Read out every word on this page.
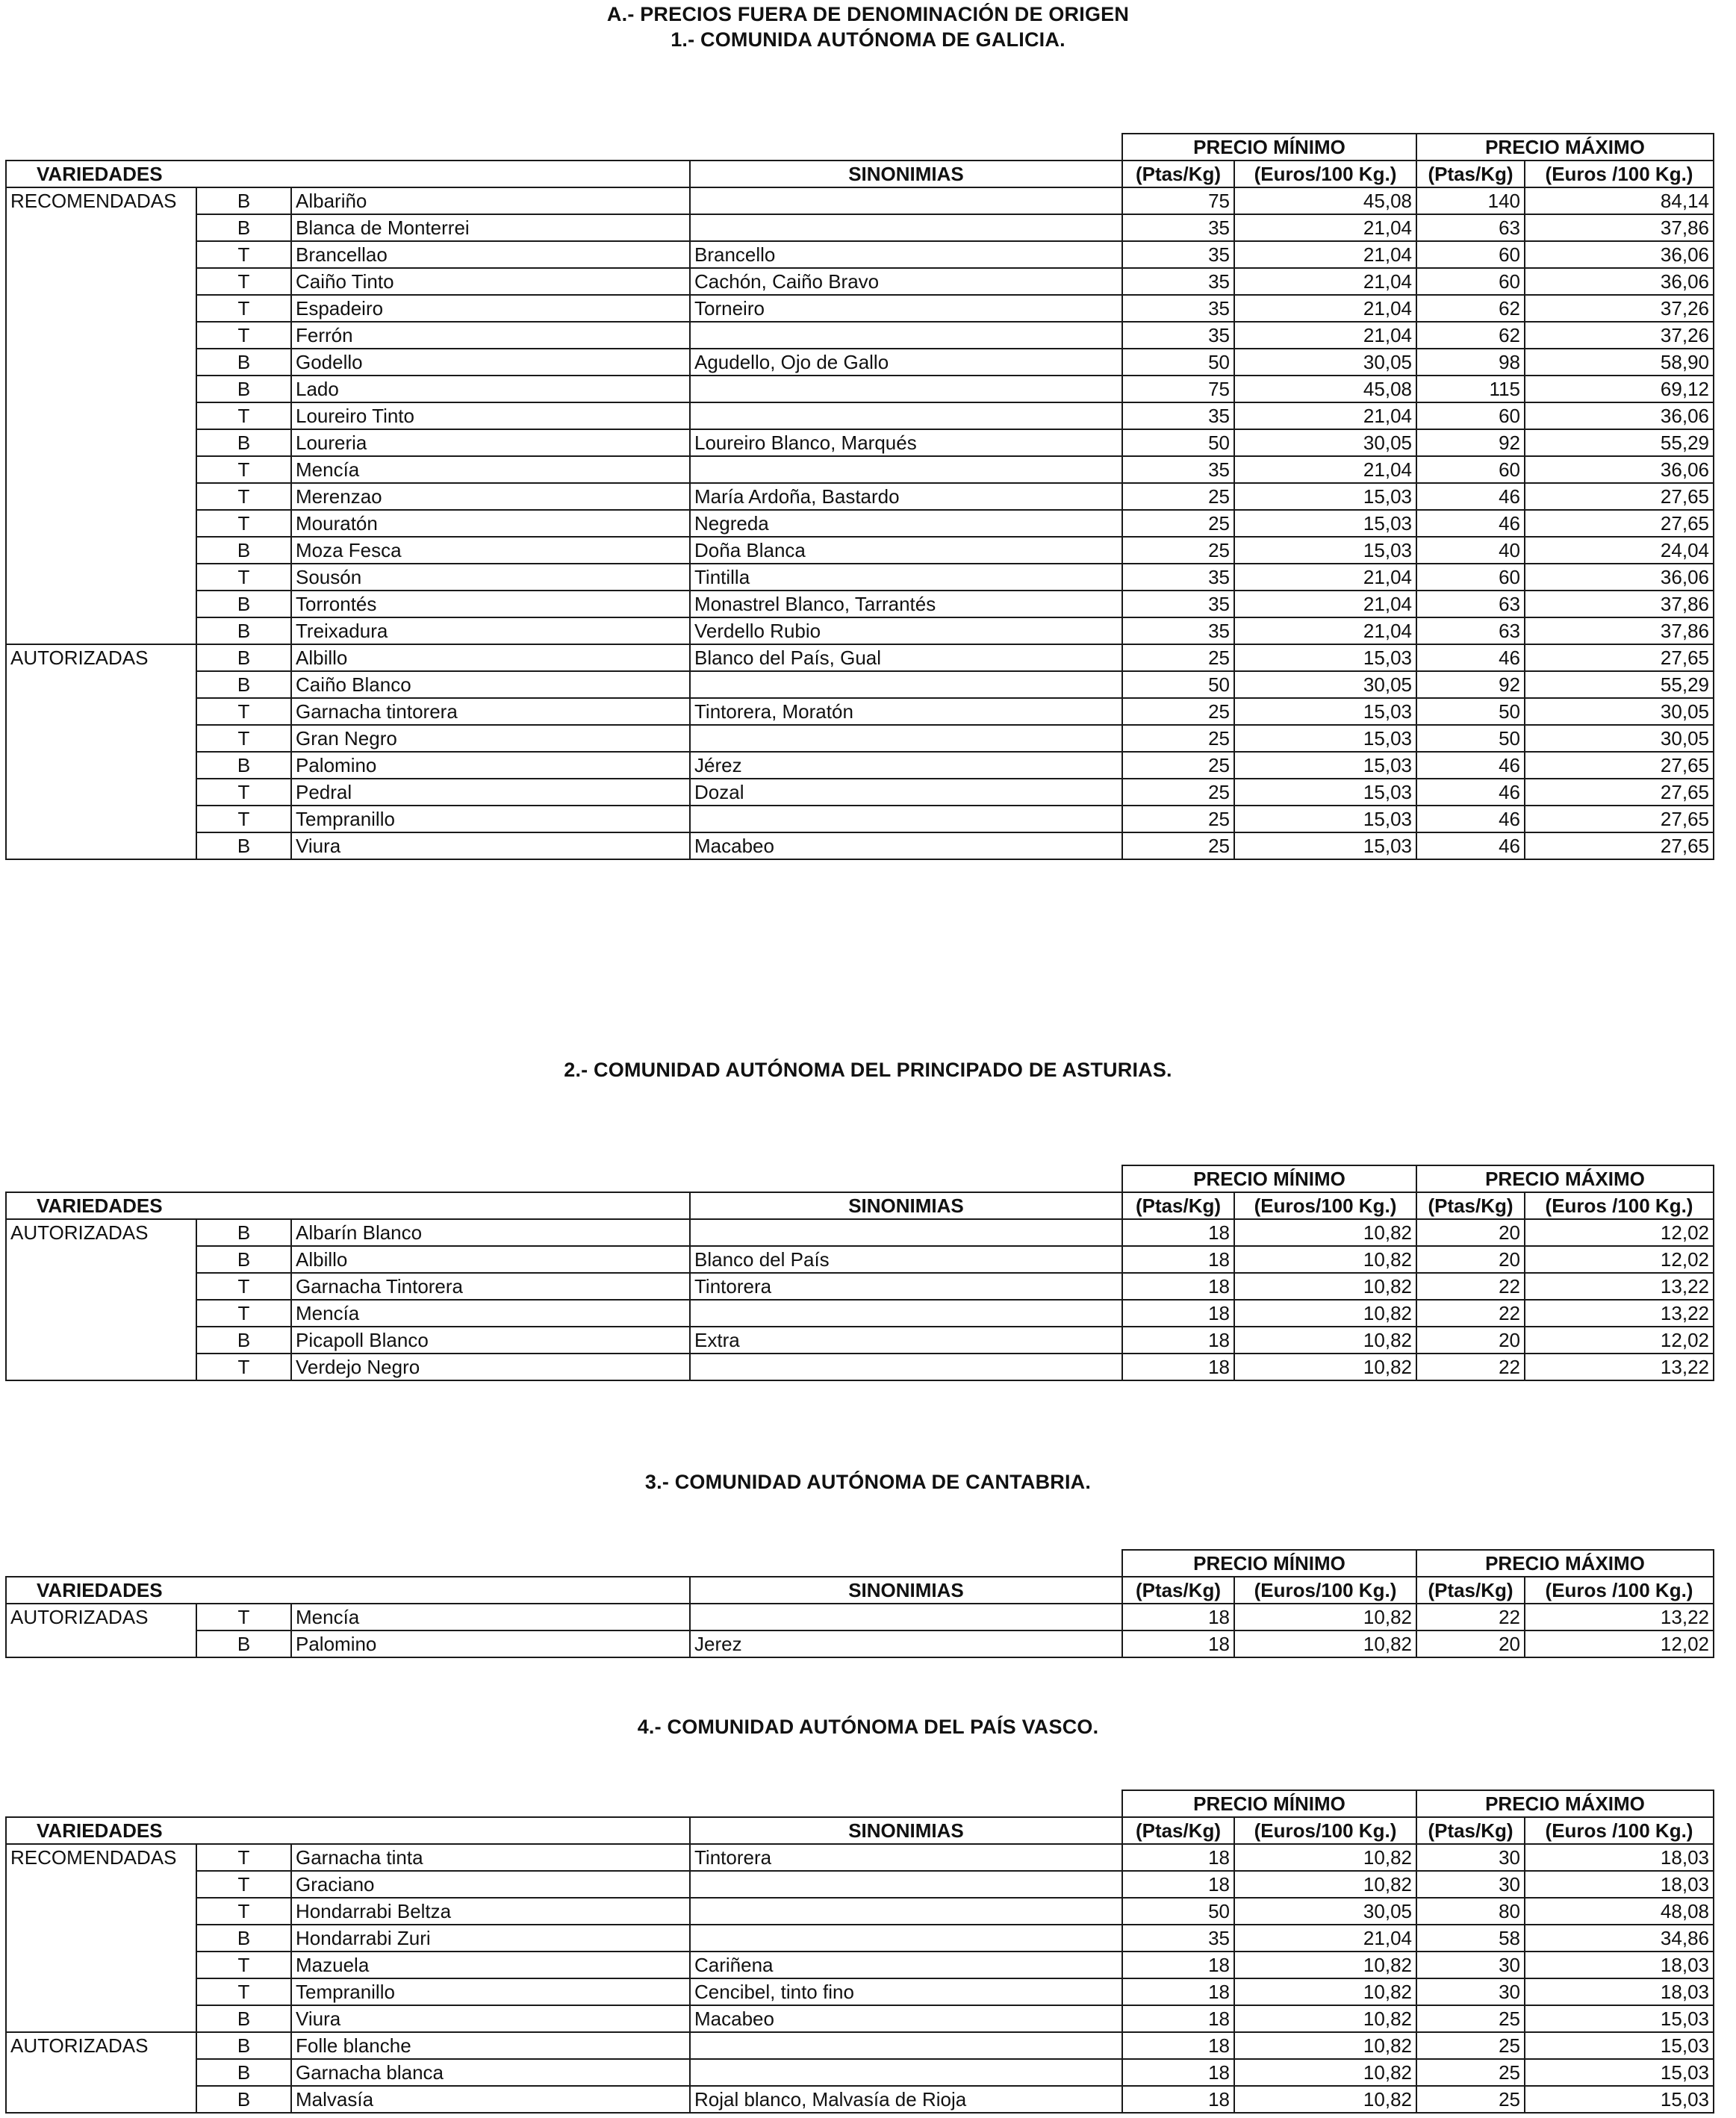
A.- PRECIOS FUERA DE DENOMINACIÓN DE ORIGEN
1.- COMUNIDA AUTÓNOMA DE GALICIA.
2.- COMUNIDAD AUTÓNOMA DEL PRINCIPADO DE ASTURIAS.
3.- COMUNIDAD AUTÓNOMA DE CANTABRIA.
4.- COMUNIDAD AUTÓNOMA DEL PAÍS VASCO.
				PRECIO MÍNIMO		PRECIO MÁXIMO	
VARIEDADES			SINONIMIAS	(Ptas/Kg)	(Euros/100 Kg.)	(Ptas/Kg)	(Euros /100 Kg.)
RECOMENDADAS	B	Albariño		75	45,08	140	84,14
	B	Blanca de Monterrei		35	21,04	63	37,86
	T	Brancellao	Brancello	35	21,04	60	36,06
	T	Caiño Tinto	Cachón, Caiño Bravo	35	21,04	60	36,06
	T	Espadeiro	Torneiro	35	21,04	62	37,26
	T	Ferrón		35	21,04	62	37,26
	B	Godello	Agudello, Ojo de Gallo	50	30,05	98	58,90
	B	Lado		75	45,08	115	69,12
	T	Loureiro Tinto		35	21,04	60	36,06
	B	Loureria	Loureiro Blanco, Marqués	50	30,05	92	55,29
	T	Mencía		35	21,04	60	36,06
	T	Merenzao	María Ardoña, Bastardo	25	15,03	46	27,65
	T	Mouratón	Negreda	25	15,03	46	27,65
	B	Moza Fesca	Doña Blanca	25	15,03	40	24,04
	T	Sousón	Tintilla	35	21,04	60	36,06
	B	Torrontés	Monastrel Blanco, Tarrantés	35	21,04	63	37,86
	B	Treixadura	Verdello Rubio	35	21,04	63	37,86
AUTORIZADAS	B	Albillo	Blanco del País, Gual	25	15,03	46	27,65
	B	Caiño Blanco		50	30,05	92	55,29
	T	Garnacha tintorera	Tintorera, Moratón	25	15,03	50	30,05
	T	Gran Negro		25	15,03	50	30,05
	B	Palomino	Jérez	25	15,03	46	27,65
	T	Pedral	Dozal	25	15,03	46	27,65
	T	Tempranillo		25	15,03	46	27,65
	B	Viura	Macabeo	25	15,03	46	27,65
				PRECIO MÍNIMO		PRECIO MÁXIMO	
VARIEDADES			SINONIMIAS	(Ptas/Kg)	(Euros/100 Kg.)	(Ptas/Kg)	(Euros /100 Kg.)
AUTORIZADAS	B	Albarín Blanco		18	10,82	20	12,02
	B	Albillo	Blanco del País	18	10,82	20	12,02
	T	Garnacha Tintorera	Tintorera	18	10,82	22	13,22
	T	Mencía		18	10,82	22	13,22
	B	Picapoll Blanco	Extra	18	10,82	20	12,02
	T	Verdejo Negro		18	10,82	22	13,22
				PRECIO MÍNIMO		PRECIO MÁXIMO	
VARIEDADES			SINONIMIAS	(Ptas/Kg)	(Euros/100 Kg.)	(Ptas/Kg)	(Euros /100 Kg.)
AUTORIZADAS	T	Mencía		18	10,82	22	13,22
	B	Palomino	Jerez	18	10,82	20	12,02
				PRECIO MÍNIMO		PRECIO MÁXIMO	
VARIEDADES			SINONIMIAS	(Ptas/Kg)	(Euros/100 Kg.)	(Ptas/Kg)	(Euros /100 Kg.)
RECOMENDADAS	T	Garnacha tinta	Tintorera	18	10,82	30	18,03
	T	Graciano		18	10,82	30	18,03
	T	Hondarrabi Beltza		50	30,05	80	48,08
	B	Hondarrabi Zuri		35	21,04	58	34,86
	T	Mazuela	Cariñena	18	10,82	30	18,03
	T	Tempranillo	Cencibel, tinto fino	18	10,82	30	18,03
	B	Viura	Macabeo	18	10,82	25	15,03
AUTORIZADAS	B	Folle blanche		18	10,82	25	15,03
	B	Garnacha blanca		18	10,82	25	15,03
	B	Malvasía	Rojal blanco, Malvasía de Rioja	18	10,82	25	15,03
